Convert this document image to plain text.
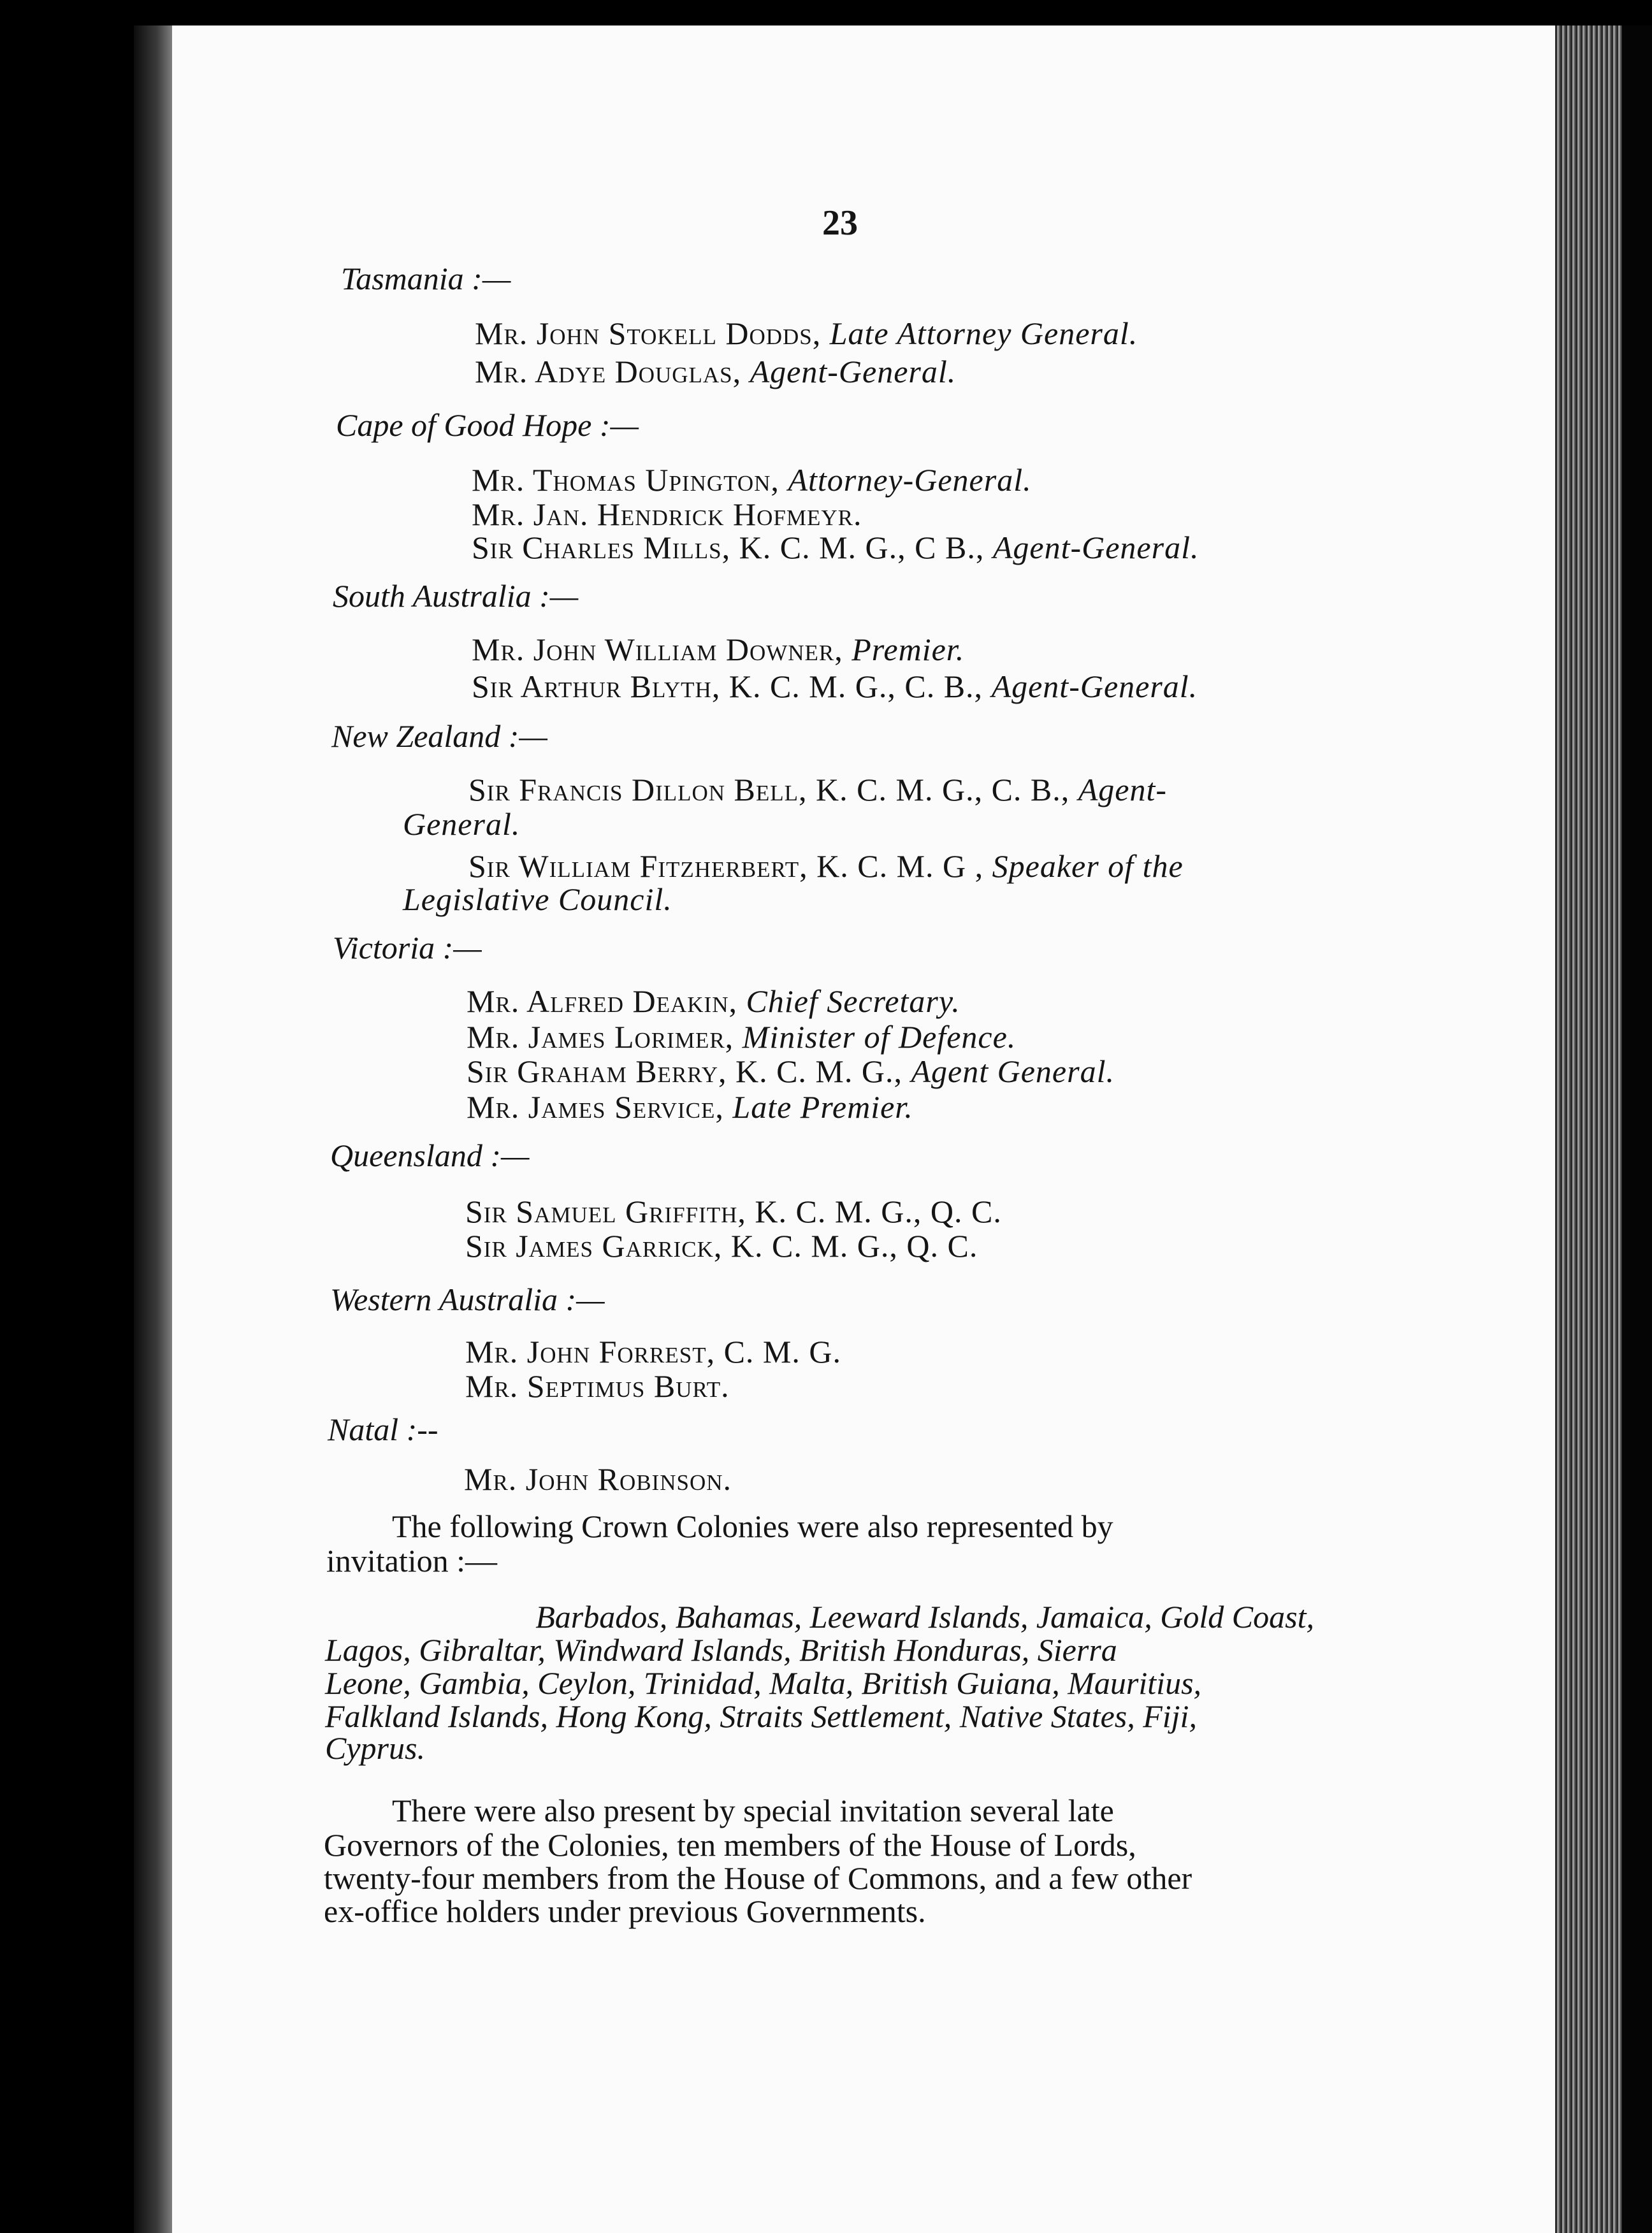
23
Tasmania :—
Mr. John Stokell Dodds, Late Attorney General.
Mr. Adye Douglas, Agent-General.
Cape of Good Hope :—
Mr. Thomas Upington, Attorney-General.
Mr. Jan. Hendrick Hofmeyr.
Sir Charles Mills, K. C. M. G., C B., Agent-General.
South Australia :—
Mr. John William Downer, Premier.
Sir Arthur Blyth, K. C. M. G., C. B., Agent-General.
New Zealand :—
Sir Francis Dillon Bell, K. C. M. G., C. B., Agent-
General.
Sir William Fitzherbert, K. C. M. G , Speaker of the
Legislative Council.
Victoria :—
Mr. Alfred Deakin, Chief Secretary.
Mr. James Lorimer, Minister of Defence.
Sir Graham Berry, K. C. M. G., Agent General.
Mr. James Service, Late Premier.
Queensland :—
Sir Samuel Griffith, K. C. M. G., Q. C.
Sir James Garrick, K. C. M. G., Q. C.
Western Australia :—
Mr. John Forrest, C. M. G.
Mr. Septimus Burt.
Natal :--
Mr. John Robinson.
The following Crown Colonies were also represented by
invitation :—
Barbados, Bahamas, Leeward Islands, Jamaica, Gold Coast,
Lagos, Gibraltar, Windward Islands, British Honduras, Sierra
Leone, Gambia, Ceylon, Trinidad, Malta, British Guiana, Mauritius,
Falkland Islands, Hong Kong, Straits Settlement, Native States, Fiji,
Cyprus.
There were also present by special invitation several late
Governors of the Colonies, ten members of the House of Lords,
twenty-four members from the House of Commons, and a few other
ex-office holders under previous Governments.
